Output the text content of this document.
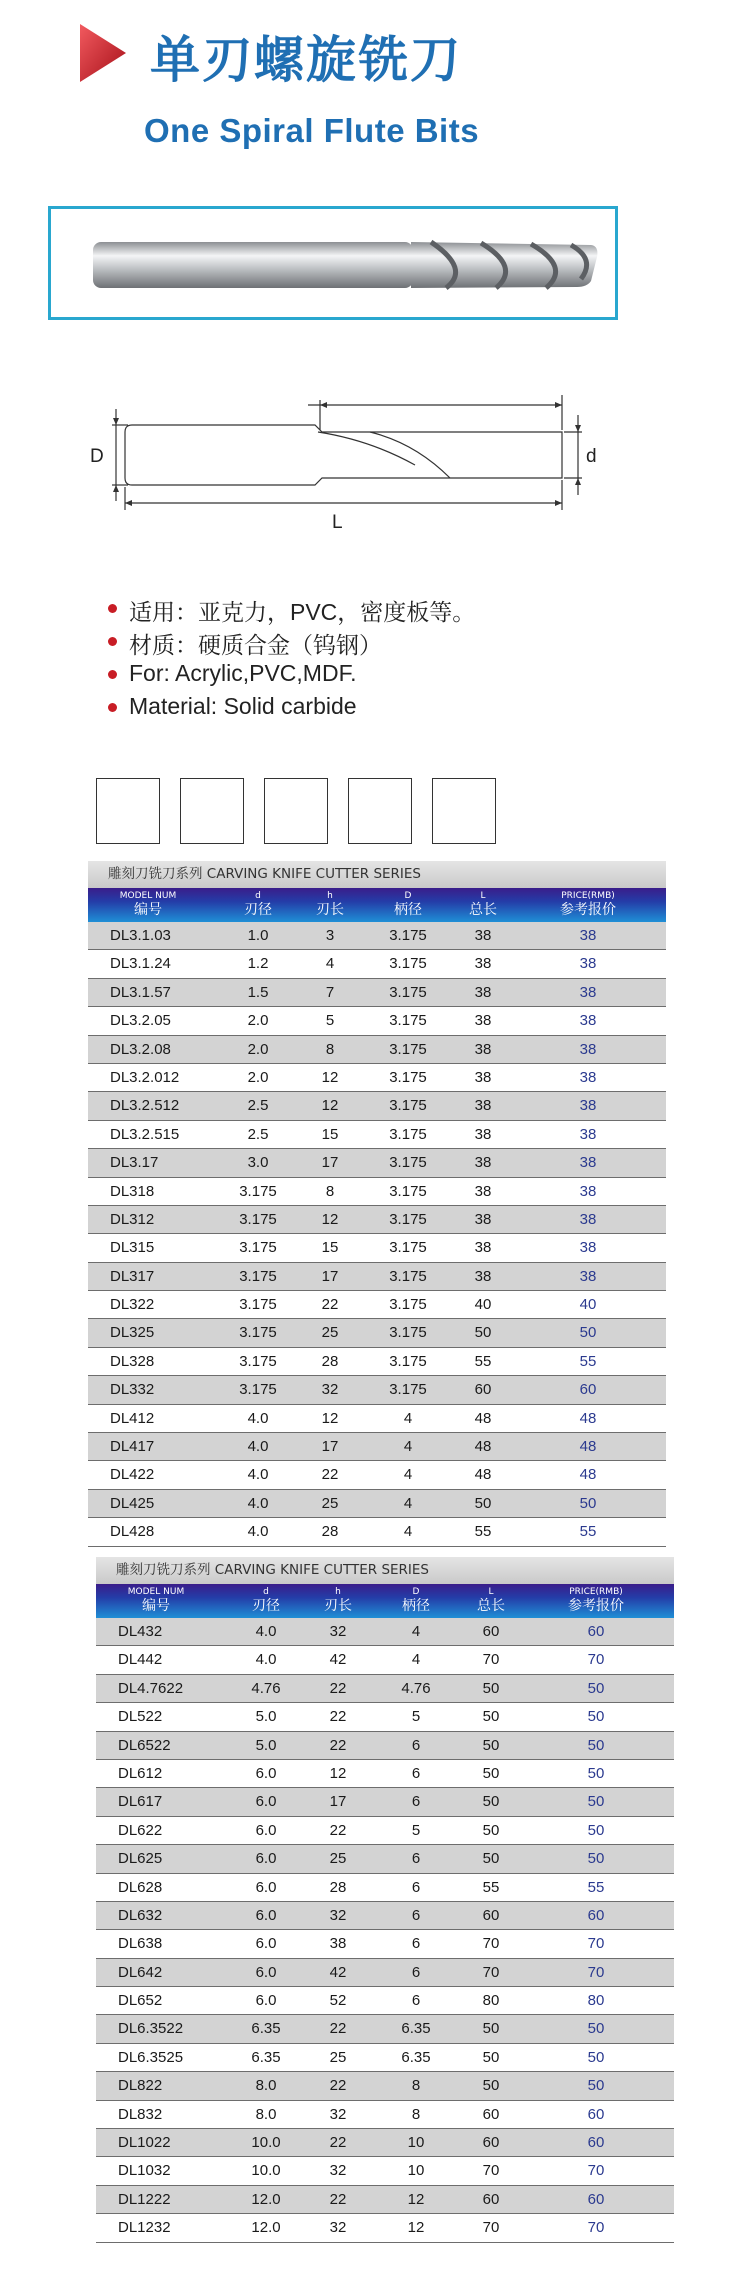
单刃螺旋铣刀
One Spiral Flute Bits
D	d
L
适用：亚克力，PVC，密度板等。
材质：硬质合金（钨钢）
For: Acrylic,PVC,MDF.
Material: Solid carbide
雕刻刀铣刀系列 CARVING KNIFE CUTTER SERIES
MODEL NUM
编号
d
刃径
h
刃长
D
柄径
L
总长
PRICE(RMB)
参考报价
DL3.1.03	1.0	3	3.175	38	38
DL3.1.24	1.2	4	3.175	38	38
DL3.1.57	1.5	7	3.175	38	38
DL3.2.05	2.0	5	3.175	38	38
DL3.2.08	2.0	8	3.175	38	38
DL3.2.012	2.0	12	3.175	38	38
DL3.2.512	2.5	12	3.175	38	38
DL3.2.515	2.5	15	3.175	38	38
DL3.17	3.0	17	3.175	38	38
DL318	3.175	8	3.175	38	38
DL312	3.175	12	3.175	38	38
DL315	3.175	15	3.175	38	38
DL317	3.175	17	3.175	38	38
DL322	3.175	22	3.175	40	40
DL325	3.175	25	3.175	50	50
DL328	3.175	28	3.175	55	55
DL332	3.175	32	3.175	60	60
DL412	4.0	12	4	48	48
DL417	4.0	17	4	48	48
DL422	4.0	22	4	48	48
DL425	4.0	25	4	50	50
DL428	4.0	28	4	55	55
雕刻刀铣刀系列 CARVING KNIFE CUTTER SERIES
MODEL NUM
编号
d
刃径
h
刃长
D
柄径
L
总长
PRICE(RMB)
参考报价
DL432	4.0	32	4	60	60
DL442	4.0	42	4	70	70
DL4.7622	4.76	22	4.76	50	50
DL522	5.0	22	5	50	50
DL6522	5.0	22	6	50	50
DL612	6.0	12	6	50	50
DL617	6.0	17	6	50	50
DL622	6.0	22	5	50	50
DL625	6.0	25	6	50	50
DL628	6.0	28	6	55	55
DL632	6.0	32	6	60	60
DL638	6.0	38	6	70	70
DL642	6.0	42	6	70	70
DL652	6.0	52	6	80	80
DL6.3522	6.35	22	6.35	50	50
DL6.3525	6.35	25	6.35	50	50
DL822	8.0	22	8	50	50
DL832	8.0	32	8	60	60
DL1022	10.0	22	10	60	60
DL1032	10.0	32	10	70	70
DL1222	12.0	22	12	60	60
DL1232	12.0	32	12	70	70
